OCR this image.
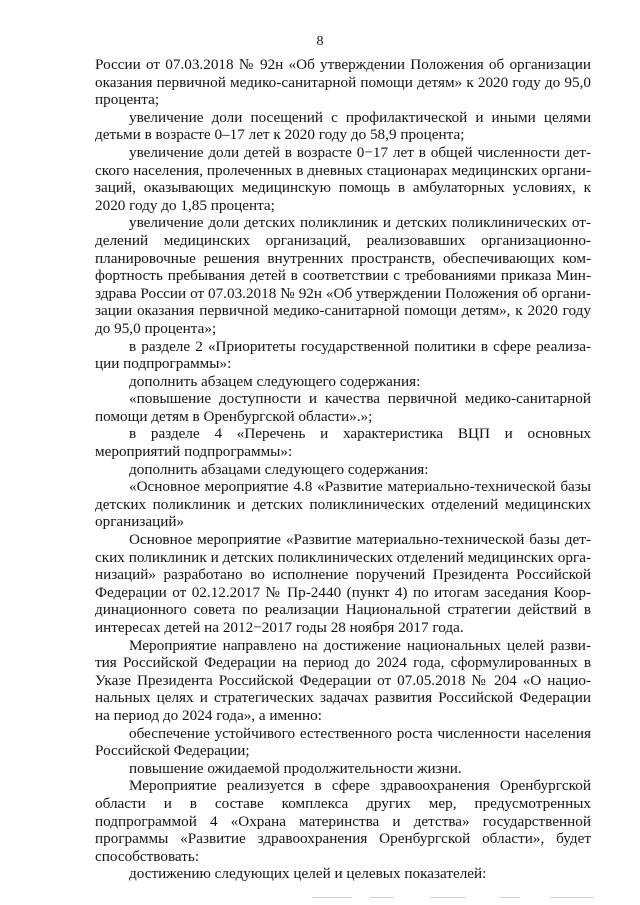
8

России от 07.03.2018 № 92н «Об утверждении Положения об организации оказания первичной медико-санитарной помощи детям» к 2020 году до 95,0 процента;

увеличение доли посещений с профилактической и иными целями детьми в возрасте 0–17 лет к 2020 году до 58,9 процента;

увеличение доли детей в возрасте 0−17 лет в общей численности детского населения, пролеченных в дневных стационарах медицинских организаций, оказывающих медицинскую помощь в амбулаторных условиях, к 2020 году до 1,85 процента;

увеличение доли детских поликлиник и детских поликлинических отделений медицинских организаций, реализовавших организационно-планировочные решения внутренних пространств, обеспечивающих комфортность пребывания детей в соответствии с требованиями приказа Минздрава России от 07.03.2018 № 92н «Об утверждении Положения об организации оказания первичной медико-санитарной помощи детям», к 2020 году до 95,0 процента»;

в разделе 2 «Приоритеты государственной политики в сфере реализации подпрограммы»:

дополнить абзацем следующего содержания:

«повышение доступности и качества первичной медико-санитарной помощи детям в Оренбургской области».»;

в разделе 4 «Перечень и характеристика ВЦП и основных мероприятий подпрограммы»:

дополнить абзацами следующего содержания:

«Основное мероприятие 4.8 «Развитие материально-технической базы детских поликлиник и детских поликлинических отделений медицинских организаций»

Основное мероприятие «Развитие материально-технической базы детских поликлиник и детских поликлинических отделений медицинских организаций» разработано во исполнение поручений Президента Российской Федерации от 02.12.2017 № Пр-2440 (пункт 4) по итогам заседания Координационного совета по реализации Национальной стратегии действий в интересах детей на 2012−2017 годы 28 ноября 2017 года.

Мероприятие направлено на достижение национальных целей развития Российской Федерации на период до 2024 года, сформулированных в Указе Президента Российской Федерации от 07.05.2018 № 204 «О национальных целях и стратегических задачах развития Российской Федерации на период до 2024 года», а именно:

обеспечение устойчивого естественного роста численности населения Российской Федерации;

повышение ожидаемой продолжительности жизни.

Мероприятие реализуется в сфере здравоохранения Оренбургской области и в составе комплекса других мер, предусмотренных подпрограммой 4 «Охрана материнства и детства» государственной программы «Развитие здравоохранения Оренбургской области», будет способствовать:

достижению следующих целей и целевых показателей:
